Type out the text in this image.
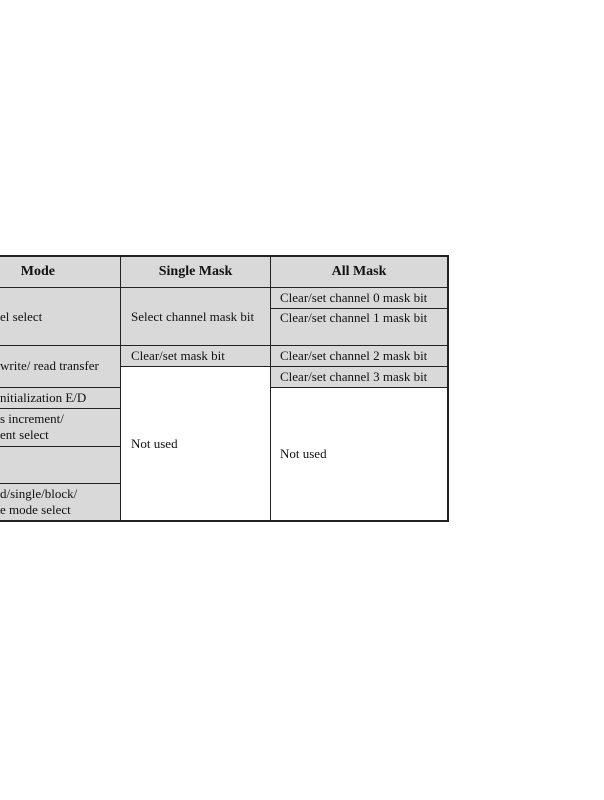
Mode	Single Mask	All Mask
el select
write/ read transfer
nitialization E/D
s increment/
ent select
d/single/block/
e mode select
Select channel mask bit
Clear/set mask bit
Not used
Clear/set channel 0 mask bit
Clear/set channel 1 mask bit
Clear/set channel 2 mask bit
Clear/set channel 3 mask bit
Not used
